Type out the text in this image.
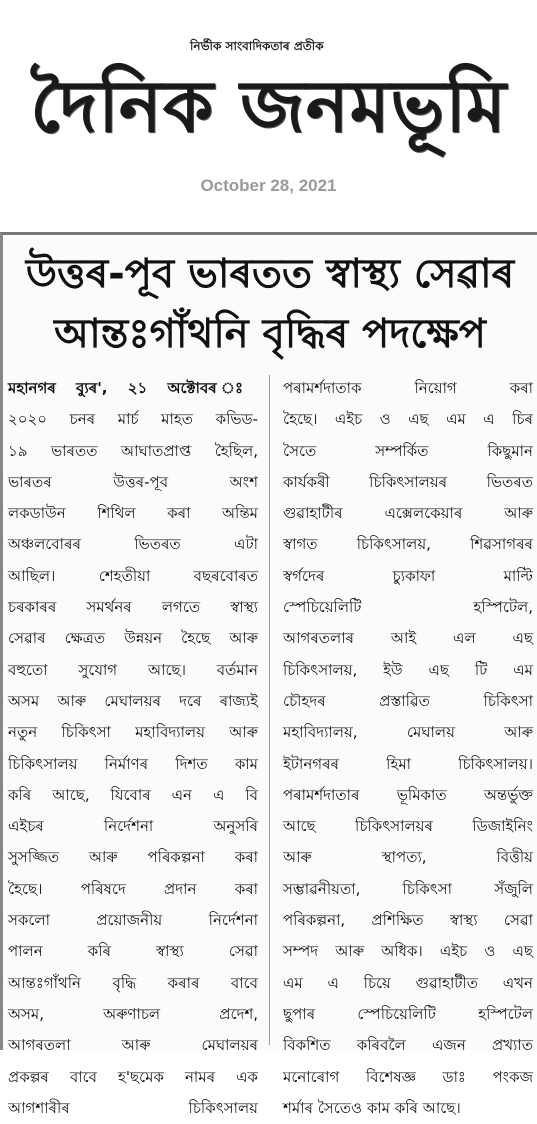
নিৰ্ভীক সাংবাদিকতাৰ প্ৰতীক
দৈনিক জনমভূমি
October 28, 2021
উত্তৰ-পূব ভাৰতত স্বাস্থ্য সেৱাৰ
আন্তঃগাঁথনি বৃদ্ধিৰ পদক্ষেপ
মহানগৰ ব্যুৰ', ২১ অক্টোবৰ ঃ
২০২০ চনৰ মাৰ্চ মাহত কভিড-
১৯ ভাৰতত আঘাতপ্ৰাপ্ত হৈছিল,
ভাৰতৰ উত্তৰ-পূব অংশ
লকডাউন শিথিল কৰা অন্তিম
অঞ্চলবোৰৰ ভিতৰত এটা
আছিল। শেহতীয়া বছৰবোৰত
চৰকাৰৰ সমৰ্থনৰ লগতে স্বাস্থ্য
সেৱাৰ ক্ষেত্ৰত উন্নয়ন হৈছে আৰু
বহুতো সুযোগ আছে। বৰ্তমান
অসম আৰু মেঘালয়ৰ দৰে ৰাজ্যই
নতুন চিকিৎসা মহাবিদ্যালয় আৰু
চিকিৎসালয় নিৰ্মাণৰ দিশত কাম
কৰি আছে, যিবোৰ এন এ বি
এইচৰ নিৰ্দেশনা অনুসৰি
সুসজ্জিত আৰু পৰিকল্পনা কৰা
হৈছে। পৰিষদে প্ৰদান কৰা
সকলো প্ৰয়োজনীয় নিৰ্দেশনা
পালন কৰি স্বাস্থ্য সেৱা
আন্তঃগাঁথনি বৃদ্ধি কৰাৰ বাবে
অসম, অৰুণাচল প্ৰদেশ,
আগৰতলা আৰু মেঘালয়ৰ
প্ৰকল্পৰ বাবে হ'ছমেক নামৰ এক
আগশাৰীৰ চিকিৎসালয়
পৰামৰ্শদাতাক নিয়োগ কৰা
হৈছে। এইচ ও এছ এম এ চিৰ
সৈতে সম্পৰ্কিত কিছুমান
কাৰ্যকৰী চিকিৎসালয়ৰ ভিতৰত
গুৱাহাটীৰ এক্সেলকেয়াৰ আৰু
স্বাগত চিকিৎসালয়, শিৱসাগৰৰ
স্বৰ্গদেৰ চ্যুকাফা মাল্টি
স্পেচিয়েলিটি হস্পিটেল,
আগৰতলাৰ আই এল এছ
চিকিৎসালয়, ইউ এছ টি এম
চৌহদৰ প্ৰস্তাৱিত চিকিৎসা
মহাবিদ্যালয়, মেঘালয় আৰু
ইটানগৰৰ হিমা চিকিৎসালয়।
পৰামৰ্শদাতাৰ ভূমিকাত অন্তৰ্ভুক্ত
আছে চিকিৎসালয়ৰ ডিজাইনিং
আৰু স্থাপত্য, বিত্তীয়
সম্ভাৱনীয়তা, চিকিৎসা সঁজুলি
পৰিকল্পনা, প্ৰশিক্ষিত স্বাস্থ্য সেৱা
সম্পদ আৰু অধিক। এইচ ও এছ
এম এ চিয়ে গুৱাহাটীত এখন
ছুপাৰ স্পেচিয়েলিটি হস্পিটেল
বিকশিত কৰিবলৈ এজন প্ৰখ্যাত
মনোৰোগ বিশেষজ্ঞ ডাঃ পংকজ
শৰ্মাৰ সৈতেও কাম কৰি আছে।
